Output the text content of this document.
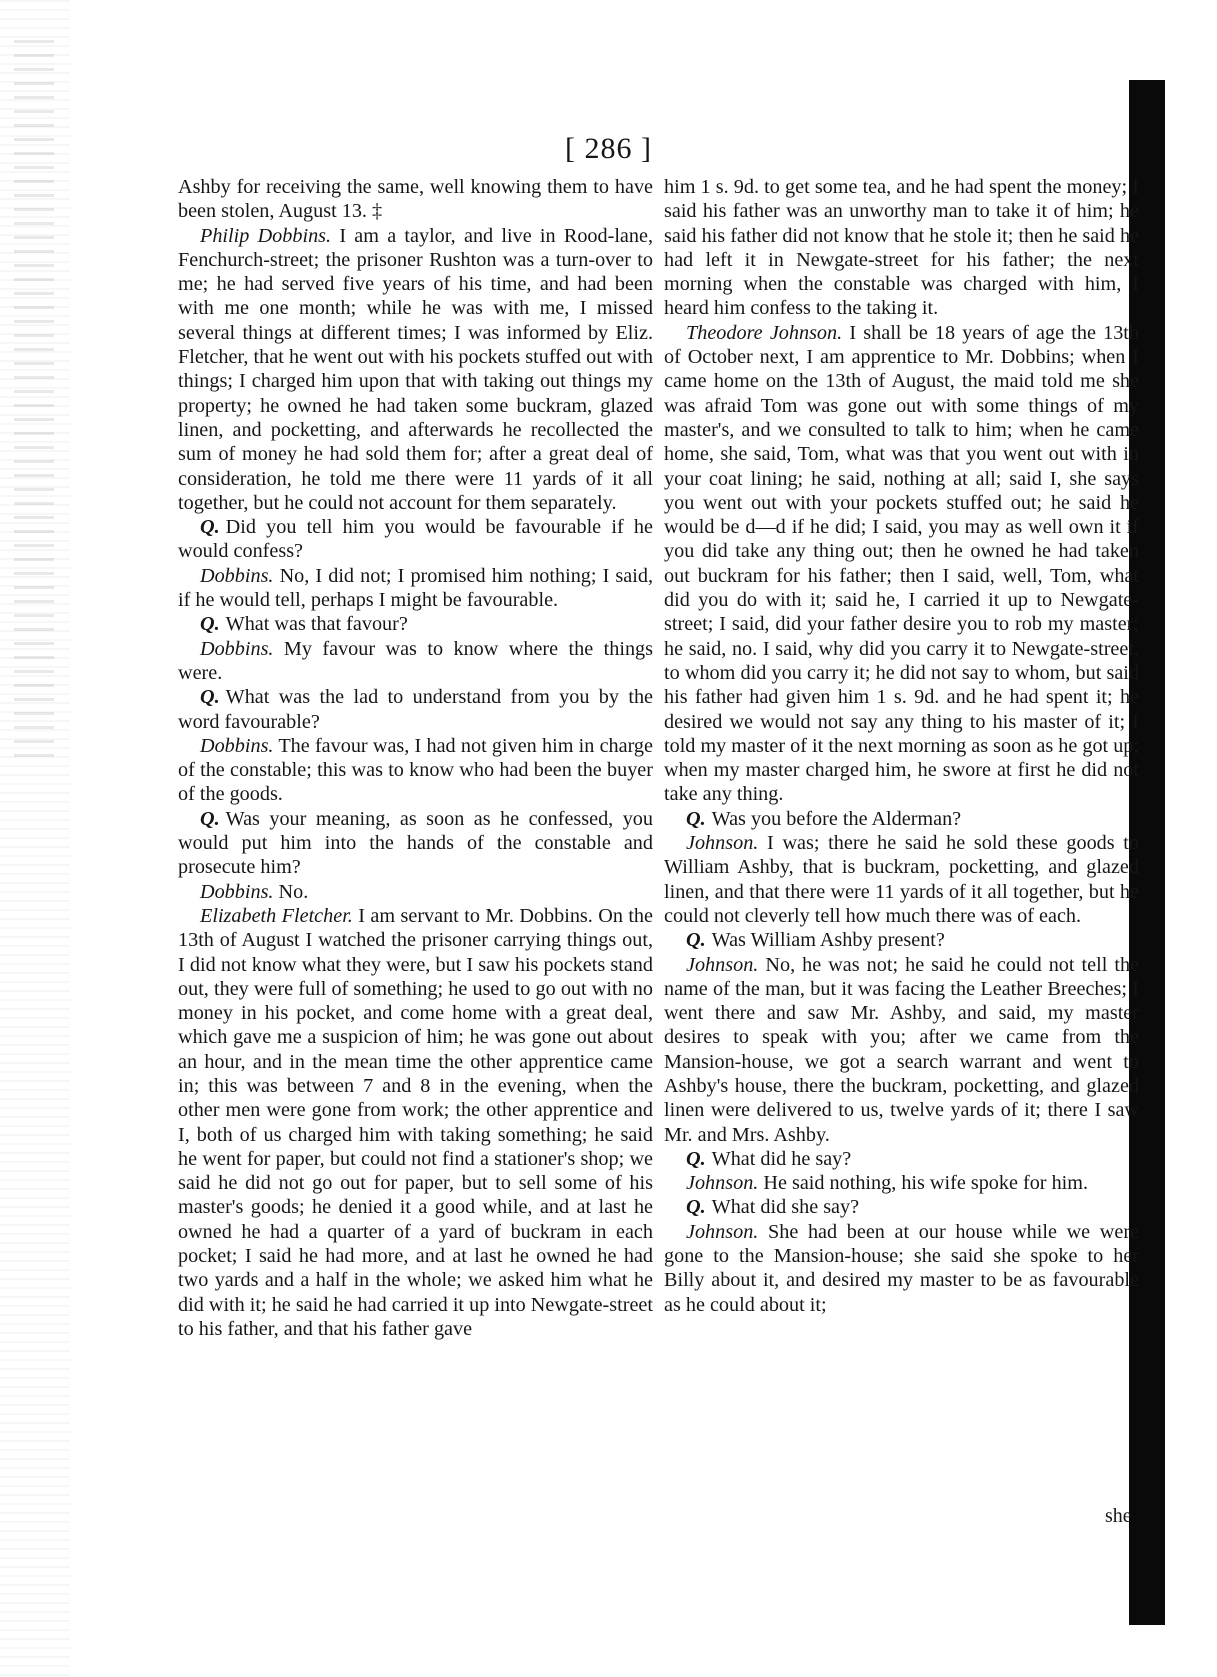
[ 286 ]

Ashby for receiving the same, well knowing them to have been stolen, August 13. ‡

Philip Dobbins. I am a taylor, and live in Rood-lane, Fenchurch-street; the prisoner Rushton was a turn-over to me; he had served five years of his time, and had been with me one month; while he was with me, I missed several things at different times; I was informed by Eliz. Fletcher, that he went out with his pockets stuffed out with things; I charged him upon that with taking out things my property; he owned he had taken some buckram, glazed linen, and pocketting, and afterwards he recollected the sum of money he had sold them for; after a great deal of consideration, he told me there were 11 yards of it all together, but he could not account for them separately.

Q. Did you tell him you would be favourable if he would confess?

Dobbins. No, I did not; I promised him nothing; I said, if he would tell, perhaps I might be favourable.

Q. What was that favour?

Dobbins. My favour was to know where the things were.

Q. What was the lad to understand from you by the word favourable?

Dobbins. The favour was, I had not given him in charge of the constable; this was to know who had been the buyer of the goods.

Q. Was your meaning, as soon as he confessed, you would put him into the hands of the constable and prosecute him?

Dobbins. No.

Elizabeth Fletcher. I am servant to Mr. Dobbins. On the 13th of August I watched the prisoner carrying things out, I did not know what they were, but I saw his pockets stand out, they were full of something; he used to go out with no money in his pocket, and come home with a great deal, which gave me a suspicion of him; he was gone out about an hour, and in the mean time the other apprentice came in; this was between 7 and 8 in the evening, when the other men were gone from work; the other apprentice and I, both of us charged him with taking something; he said he went for paper, but could not find a stationer's shop; we said he did not go out for paper, but to sell some of his master's goods; he denied it a good while, and at last he owned he had a quarter of a yard of buckram in each pocket; I said he had more, and at last he owned he had two yards and a half in the whole; we asked him what he did with it; he said he had carried it up into Newgate-street to his father, and that his father gave

him 1 s. 9d. to get some tea, and he had spent the money; I said his father was an unworthy man to take it of him; he said his father did not know that he stole it; then he said he had left it in Newgate-street for his father; the next morning when the constable was charged with him, I heard him confess to the taking it.

Theodore Johnson. I shall be 18 years of age the 13th of October next, I am apprentice to Mr. Dobbins; when I came home on the 13th of August, the maid told me she was afraid Tom was gone out with some things of my master's, and we consulted to talk to him; when he came home, she said, Tom, what was that you went out with in your coat lining; he said, nothing at all; said I, she says you went out with your pockets stuffed out; he said he would be d—d if he did; I said, you may as well own it if you did take any thing out; then he owned he had taken out buckram for his father; then I said, well, Tom, what did you do with it; said he, I carried it up to Newgate-street; I said, did your father desire you to rob my master; he said, no. I said, why did you carry it to Newgate-street, to whom did you carry it; he did not say to whom, but said his father had given him 1 s. 9d. and he had spent it; he desired we would not say any thing to his master of it; I told my master of it the next morning as soon as he got up; when my master charged him, he swore at first he did not take any thing.

Q. Was you before the Alderman?

Johnson. I was; there he said he sold these goods to William Ashby, that is buckram, pocketting, and glazed linen, and that there were 11 yards of it all together, but he could not cleverly tell how much there was of each.

Q. Was William Ashby present?

Johnson. No, he was not; he said he could not tell the name of the man, but it was facing the Leather Breeches; I went there and saw Mr. Ashby, and said, my master desires to speak with you; after we came from the Mansion-house, we got a search warrant and went to Ashby's house, there the buckram, pocketting, and glazed linen were delivered to us, twelve yards of it; there I saw Mr. and Mrs. Ashby.

Q. What did he say?

Johnson. He said nothing, his wife spoke for him.

Q. What did she say?

Johnson. She had been at our house while we were gone to the Mansion-house; she said she spoke to her Billy about it, and desired my master to be as favourable as he could about it;

she
